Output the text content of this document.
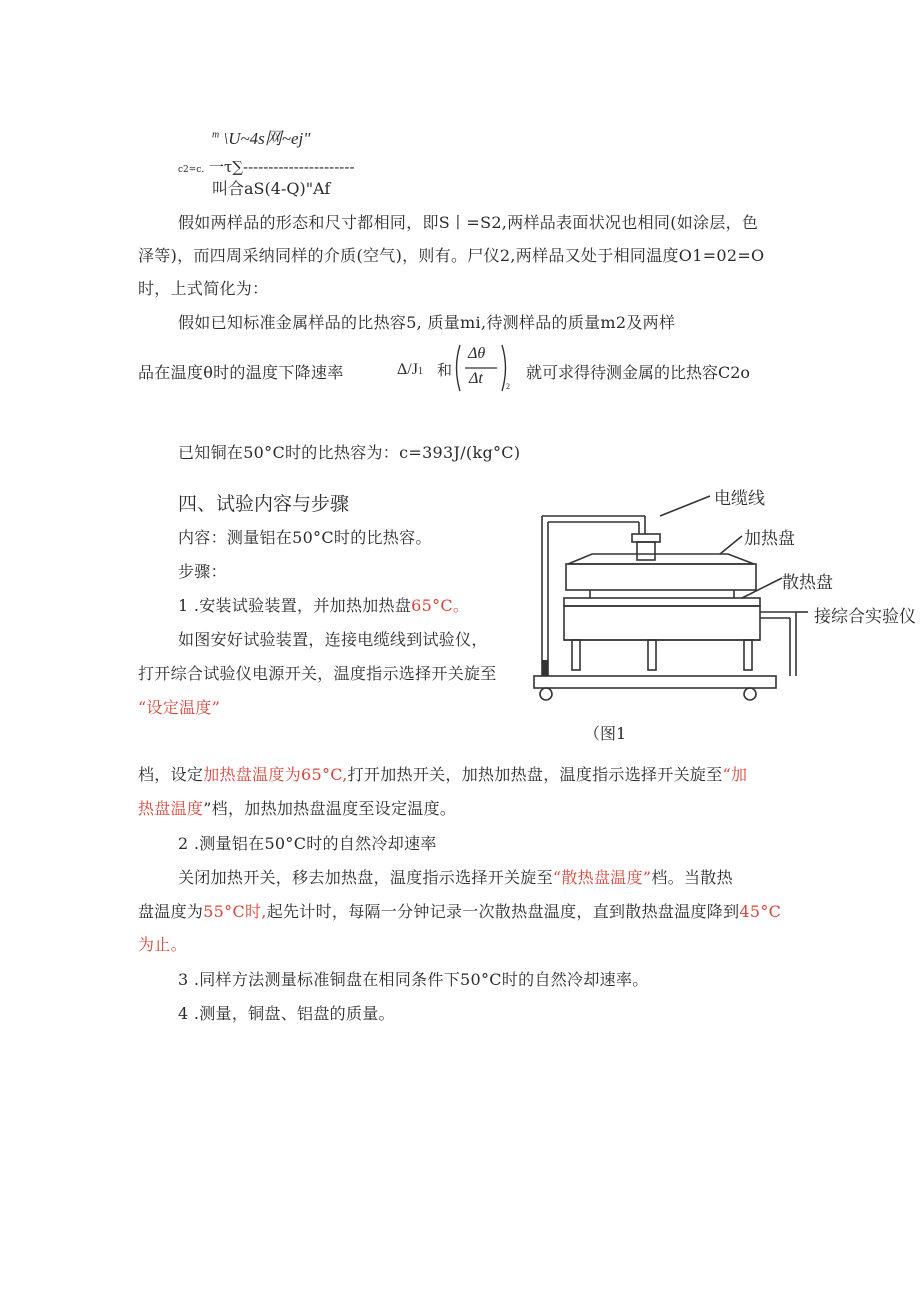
$^m$ \U~4s网~ej"
c2=c. 一τ∑----------------------
叫合aS(4-Q)"Af
假如两样品的形态和尺寸都相同，即S丨=S2,两样品表面状况也相同(如涂层，色
泽等)，而四周采纳同样的介质(空气)，则有。尸仪2,两样品又处于相同温度O1=02=O
时，上式简化为：
假如已知标准金属样品的比热容5, 质量mi,待测样品的质量m2及两样
品在温度θ时的温度下降速率	Δ/J1 和
Δθ
Δt	2
就可求得待测金属的比热容C2o
已知铜在50°C时的比热容为：c=393J/(kg°C)
四、试验内容与步骤
内容：测量铝在50°C时的比热容。
步骤：
1 .安装试验装置，并加热加热盘65°C。
如图安好试验装置，连接电缆线到试验仪，
打开综合试验仪电源开关，温度指示选择开关旋至
“设定温度”
档，设定加热盘温度为65°C,打开加热开关，加热加热盘，温度指示选择开关旋至“加
热盘温度”档，加热加热盘温度至设定温度。
2 .测量铝在50°C时的自然冷却速率
关闭加热开关，移去加热盘，温度指示选择开关旋至“散热盘温度”档。当散热
盘温度为55°C时,起先计时，每隔一分钟记录一次散热盘温度，直到散热盘温度降到45°C
为止。
3 .同样方法测量标准铜盘在相同条件下50°C时的自然冷却速率。
4 .测量，铜盘、铝盘的质量。
电缆线
加热盘
散热盘
接综合实验仪
（图1
